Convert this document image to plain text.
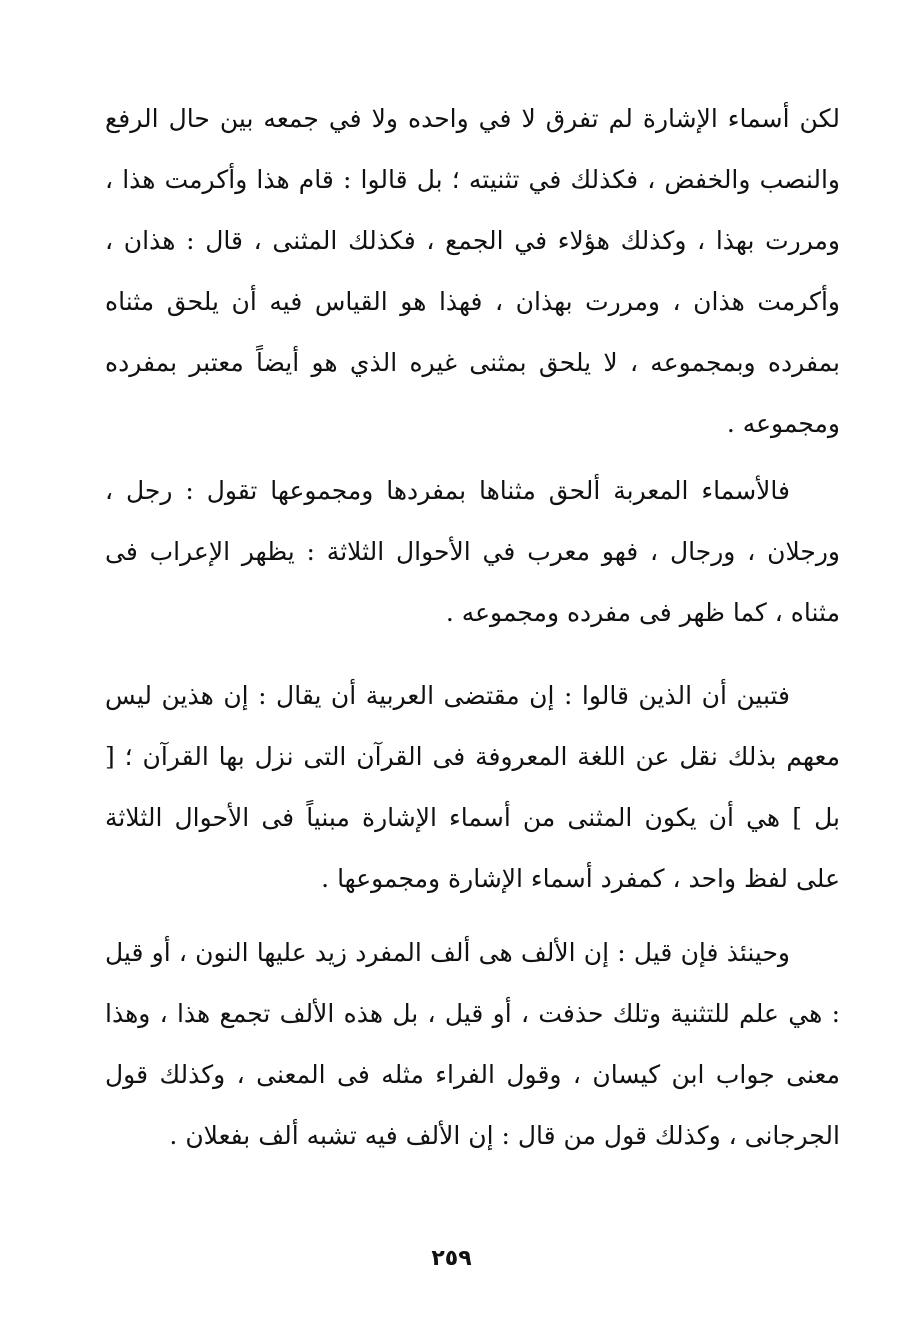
لكن أسماء الإشارة لم تفرق لا في واحده ولا في جمعه بين حال الرفع والنصب والخفض ، فكذلك في تثنيته ؛ بل قالوا : قام هذا وأكرمت هذا ، ومررت بهذا ، وكذلك هؤلاء في الجمع ، فكذلك المثنى ، قال : هذان ، وأكرمت هذان ، ومررت بهذان ، فهذا هو القياس فيه أن يلحق مثناه بمفرده وبمجموعه ، لا يلحق بمثنى غيره الذي هو أيضاً معتبر بمفرده ومجموعه .

فالأسماء المعربة ألحق مثناها بمفردها ومجموعها تقول : رجل ، ورجلان ، ورجال ، فهو معرب في الأحوال الثلاثة : يظهر الإعراب فى مثناه ، كما ظهر فى مفرده ومجموعه .

فتبين أن الذين قالوا : إن مقتضى العربية أن يقال : إن هذين ليس معهم بذلك نقل عن اللغة المعروفة فى القرآن التى نزل بها القرآن ؛ [ بل ] هي أن يكون المثنى من أسماء الإشارة مبنياً فى الأحوال الثلاثة على لفظ واحد ، كمفرد أسماء الإشارة ومجموعها .

وحينئذ فإن قيل : إن الألف هى ألف المفرد زيد عليها النون ، أو قيل : هي علم للتثنية وتلك حذفت ، أو قيل ، بل هذه الألف تجمع هذا ، وهذا معنى جواب ابن كيسان ، وقول الفراء مثله فى المعنى ، وكذلك قول الجرجانى ، وكذلك قول من قال : إن الألف فيه تشبه ألف بفعلان .

٢٥٩
